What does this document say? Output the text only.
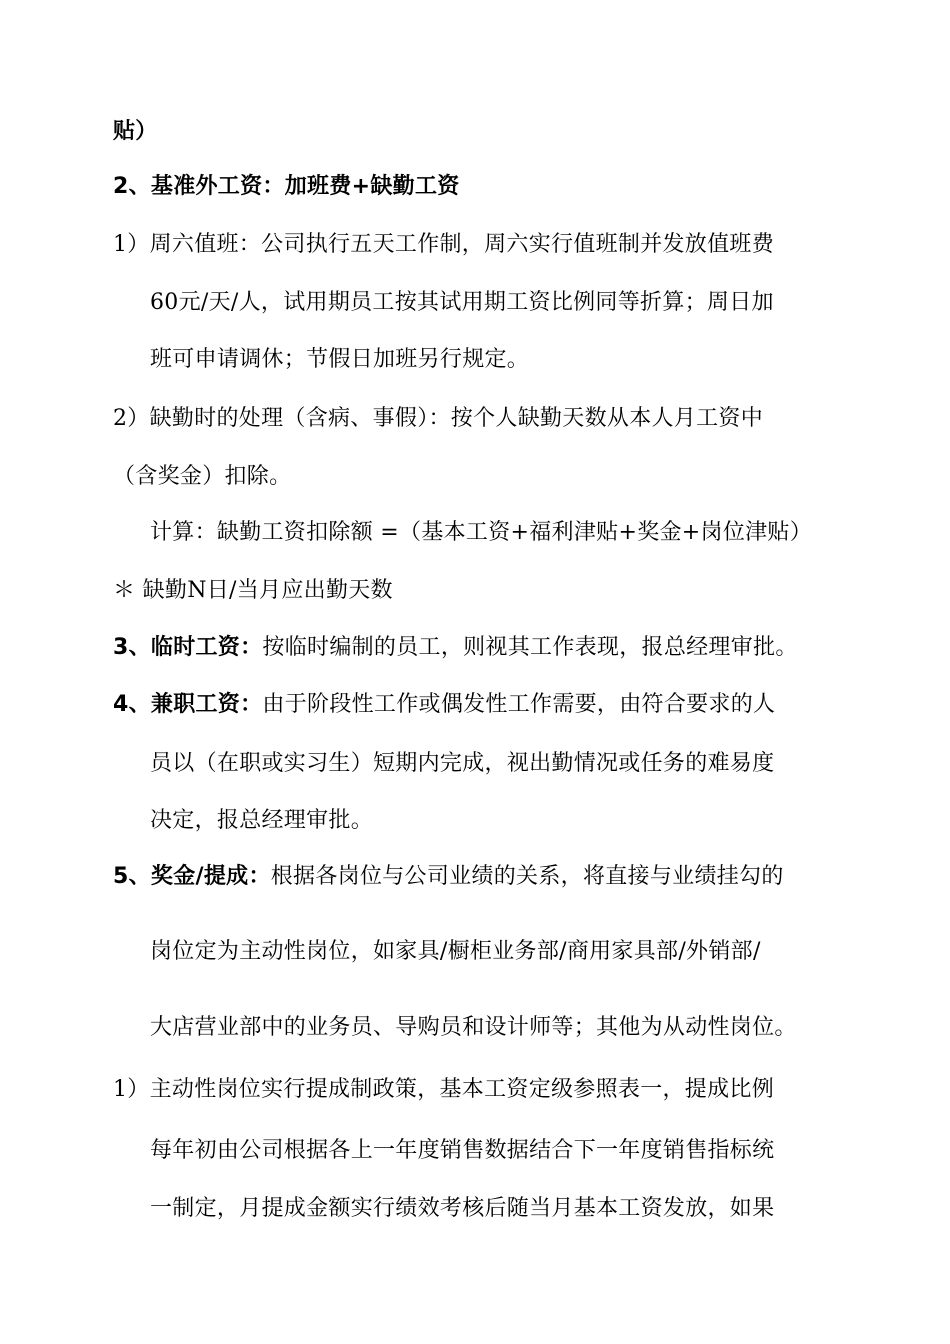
贴）
2、基准外工资：加班费+缺勤工资
1）周六值班：公司执行五天工作制，周六实行值班制并发放值班费
60元/天/人，试用期员工按其试用期工资比例同等折算；周日加
班可申请调休；节假日加班另行规定。
2）缺勤时的处理（含病、事假）：按个人缺勤天数从本人月工资中
（含奖金）扣除。
计算：缺勤工资扣除额 =（基本工资+福利津贴+奖金+岗位津贴）
＊ 缺勤N日/当月应出勤天数
3、临时工资：按临时编制的员工，则视其工作表现，报总经理审批。
4、兼职工资：由于阶段性工作或偶发性工作需要，由符合要求的人
员以（在职或实习生）短期内完成，视出勤情况或任务的难易度
决定，报总经理审批。
5、奖金/提成：根据各岗位与公司业绩的关系，将直接与业绩挂勾的
岗位定为主动性岗位，如家具/橱柜业务部/商用家具部/外销部/
大店营业部中的业务员、导购员和设计师等；其他为从动性岗位。
1）主动性岗位实行提成制政策，基本工资定级参照表一，提成比例
每年初由公司根据各上一年度销售数据结合下一年度销售指标统
一制定，月提成金额实行绩效考核后随当月基本工资发放，如果
